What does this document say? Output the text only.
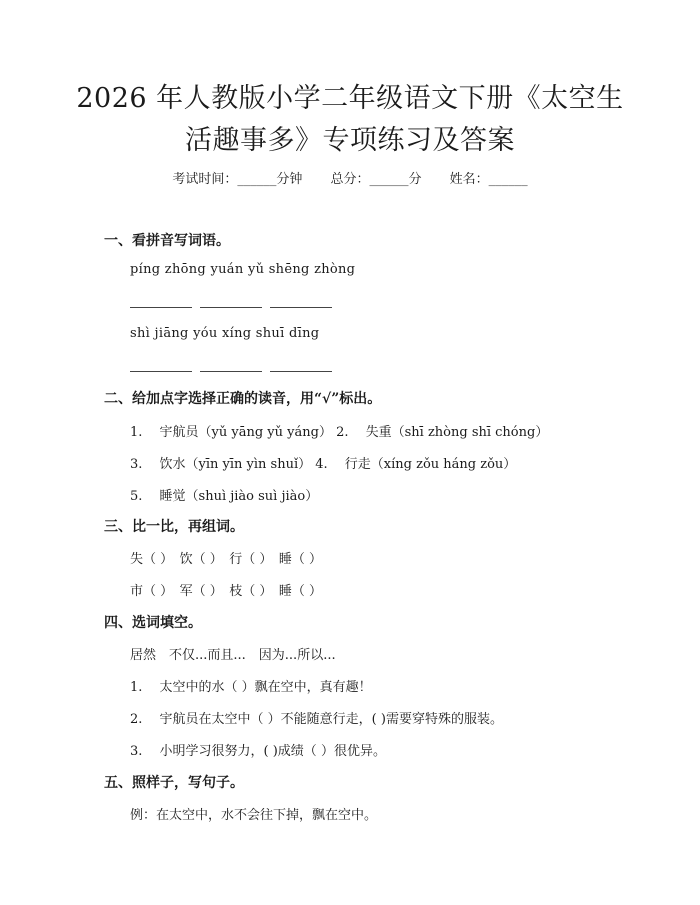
2026 年人教版小学二年级语文下册《太空生
活趣事多》专项练习及答案
考试时间：______分钟 总分：______分 姓名：______
一、看拼音写词语。
píng zhōng yuán yǔ shēng zhòng
shì jiāng yóu xíng shuī dīng
二、给加点字选择正确的读音，用“√”标出。
1.　 宇航员（yǔ yāng yǔ yáng） 2.　 失重（shī zhòng shī chóng）
3.　 饮水（yīn yīn yìn shuǐ） 4.　 行走（xíng zǒu háng zǒu）
5.　 睡觉（shuì jiào suì jiào）
三、比一比，再组词。
失（ ）　饮（ ）　行（ ）　睡（ ）
市（ ）　军（ ）　枝（ ）　睡（ ）
四、选词填空。
居然　不仅...而且...　因为...所以...
1.　 太空中的水（ ）飘在空中，真有趣！
2.　 宇航员在太空中（ ）不能随意行走，( )需要穿特殊的服装。
3.　 小明学习很努力，( )成绩（ ）很优异。
五、照样子，写句子。
例：在太空中，水不会往下掉，飘在空中。
